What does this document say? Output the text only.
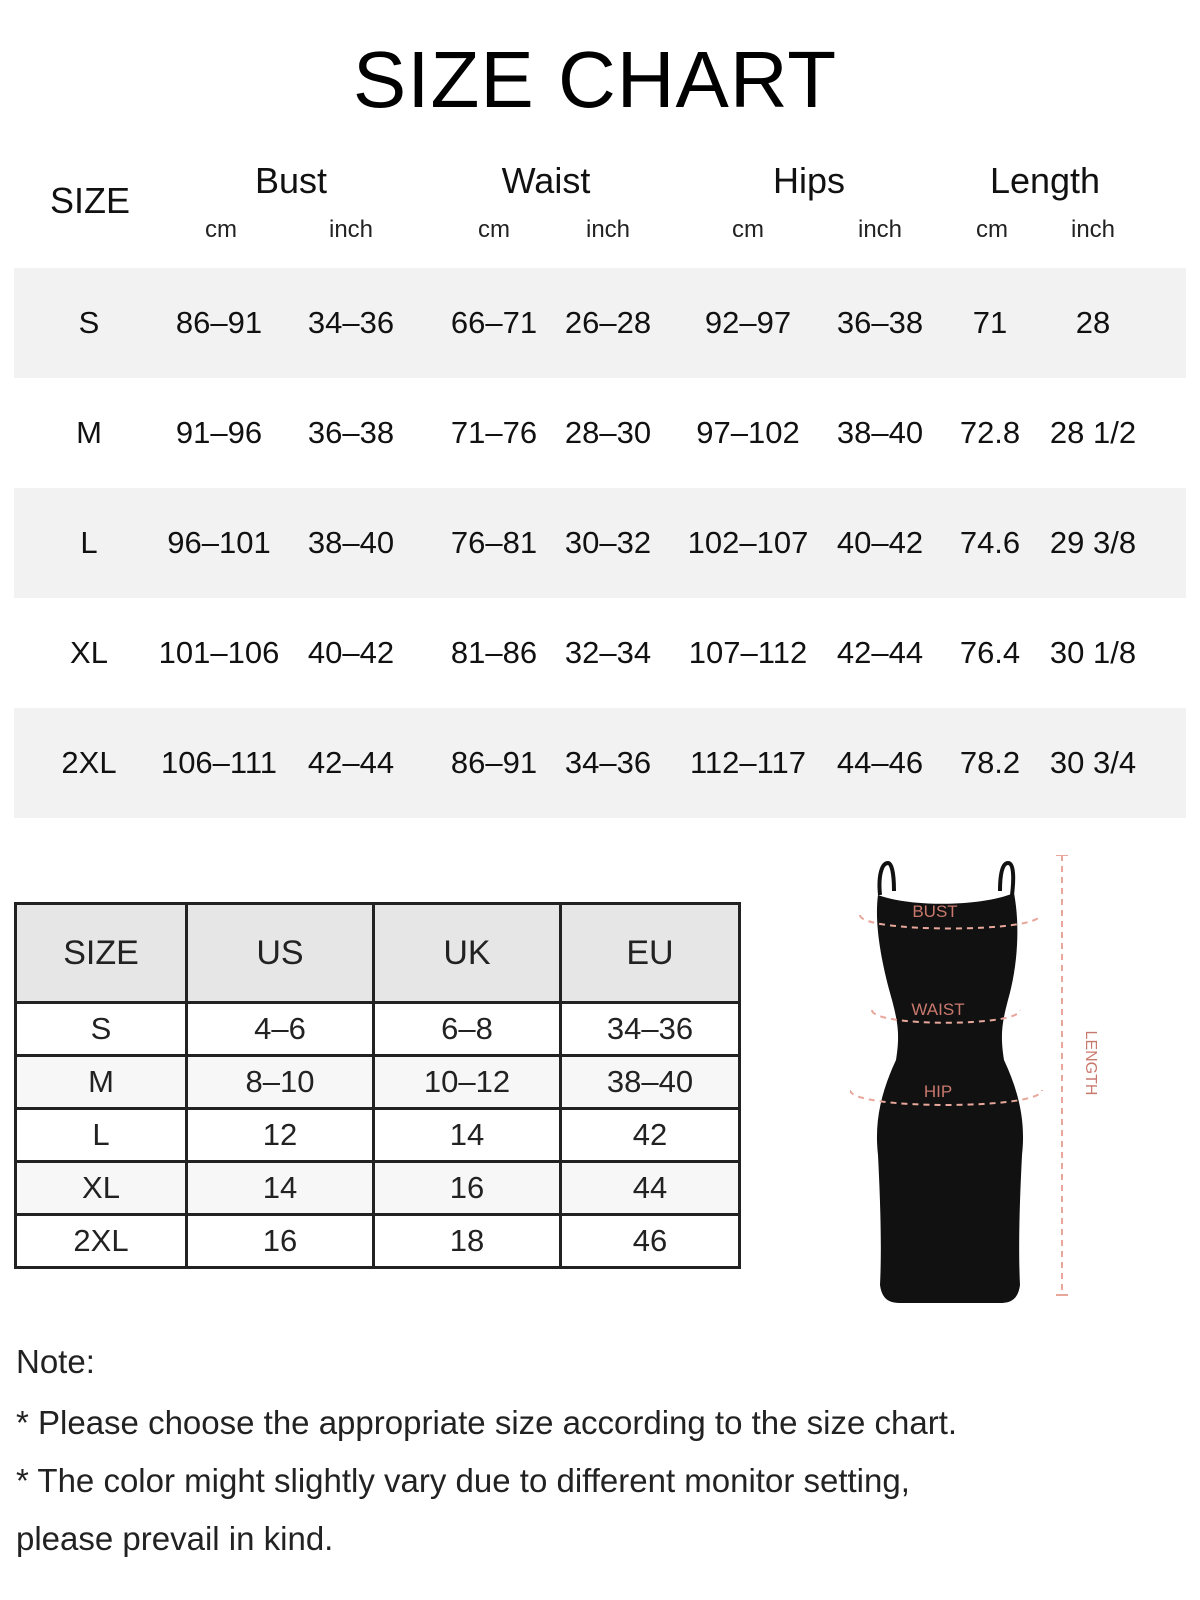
SIZE CHART
SIZE	Bust	Waist	Hips	Length
cm	inch	cm	inch	cm	inch	cm	inch
S 86–91 34–36 66–71 26–28 92–97 36–38 71 28
M 91–96 36–38 71–76 28–30 97–102 38–40 72.8 28 1/2
L 96–101 38–40 76–81 30–32 102–107 40–42 74.6 29 3/8
XL 101–106 40–42 81–86 32–34 107–112 42–44 76.4 30 1/8
2XL 106–111 42–44 86–91 34–36 112–117 44–46 78.2 30 3/4
SIZE	US	UK	EU
S	4–6	6–8	34–36
M	8–10	10–12	38–40
L	12	14	42
XL	14	16	44
2XL	16	18	46
BUST
WAIST
HIP	LENGTH
Note:
* Please choose the appropriate size according to the size chart.
* The color might slightly vary due to different monitor setting,
please prevail in kind.
